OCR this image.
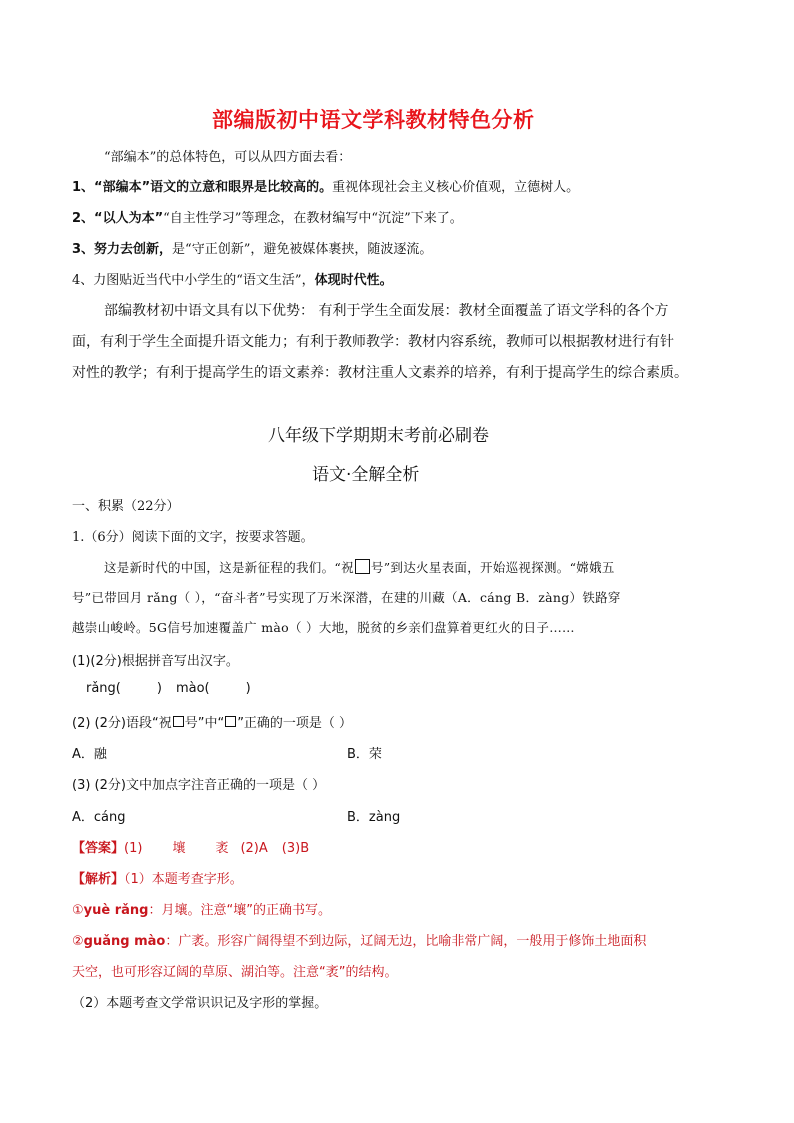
部编版初中语文学科教材特色分析
“部编本”的总体特色，可以从四方面去看：
1、“部编本”语文的立意和眼界是比较高的。重视体现社会主义核心价值观，立德树人。
2、“以人为本”“自主性学习”等理念，在教材编写中“沉淀”下来了。
3、努力去创新，是“守正创新”，避免被媒体裹挟，随波逐流。
4、力图贴近当代中小学生的“语文生活”，体现时代性。
部编教材初中语文具有以下优势： 有利于学生全面发展：教材全面覆盖了语文学科的各个方
面，有利于学生全面提升语文能力；有利于教师教学：教材内容系统，教师可以根据教材进行有针
对性的教学；有利于提高学生的语文素养：教材注重人文素养的培养，有利于提高学生的综合素质。
八年级下学期期末考前必刷卷
语文·全解全析
一、积累（22分）
1.（6分）阅读下面的文字，按要求答题。
这是新时代的中国，这是新征程的我们。“祝 号”到达火星表面，开始巡视探测。“嫦娥五
号”已带回月 rǎng（ ），“奋斗者”号实现了万米深潜，在建的川藏（A．cáng B．zàng）铁路穿
越崇山峻岭。5G信号加速覆盖广 mào（ ）大地，脱贫的乡亲们盘算着更红火的日子……
(1)(2分)根据拼音写出汉字。
rǎng(	) mào(	)
(2) (2分)语段“祝 号”中“ ”正确的一项是（ ）
A．融	B．荣
(3) (2分)文中加点字注音正确的一项是（ ）
A．cáng	B．zàng
【答案】(1) 壤 袤 (2)A (3)B
【解析】（1）本题考查字形。
①yuè rǎng：月壤。注意“壤”的正确书写。
②guǎng mào：广袤。形容广阔得望不到边际，辽阔无边，比喻非常广阔，一般用于修饰土地面积
天空，也可形容辽阔的草原、湖泊等。注意“袤”的结构。
（2）本题考查文学常识识记及字形的掌握。
